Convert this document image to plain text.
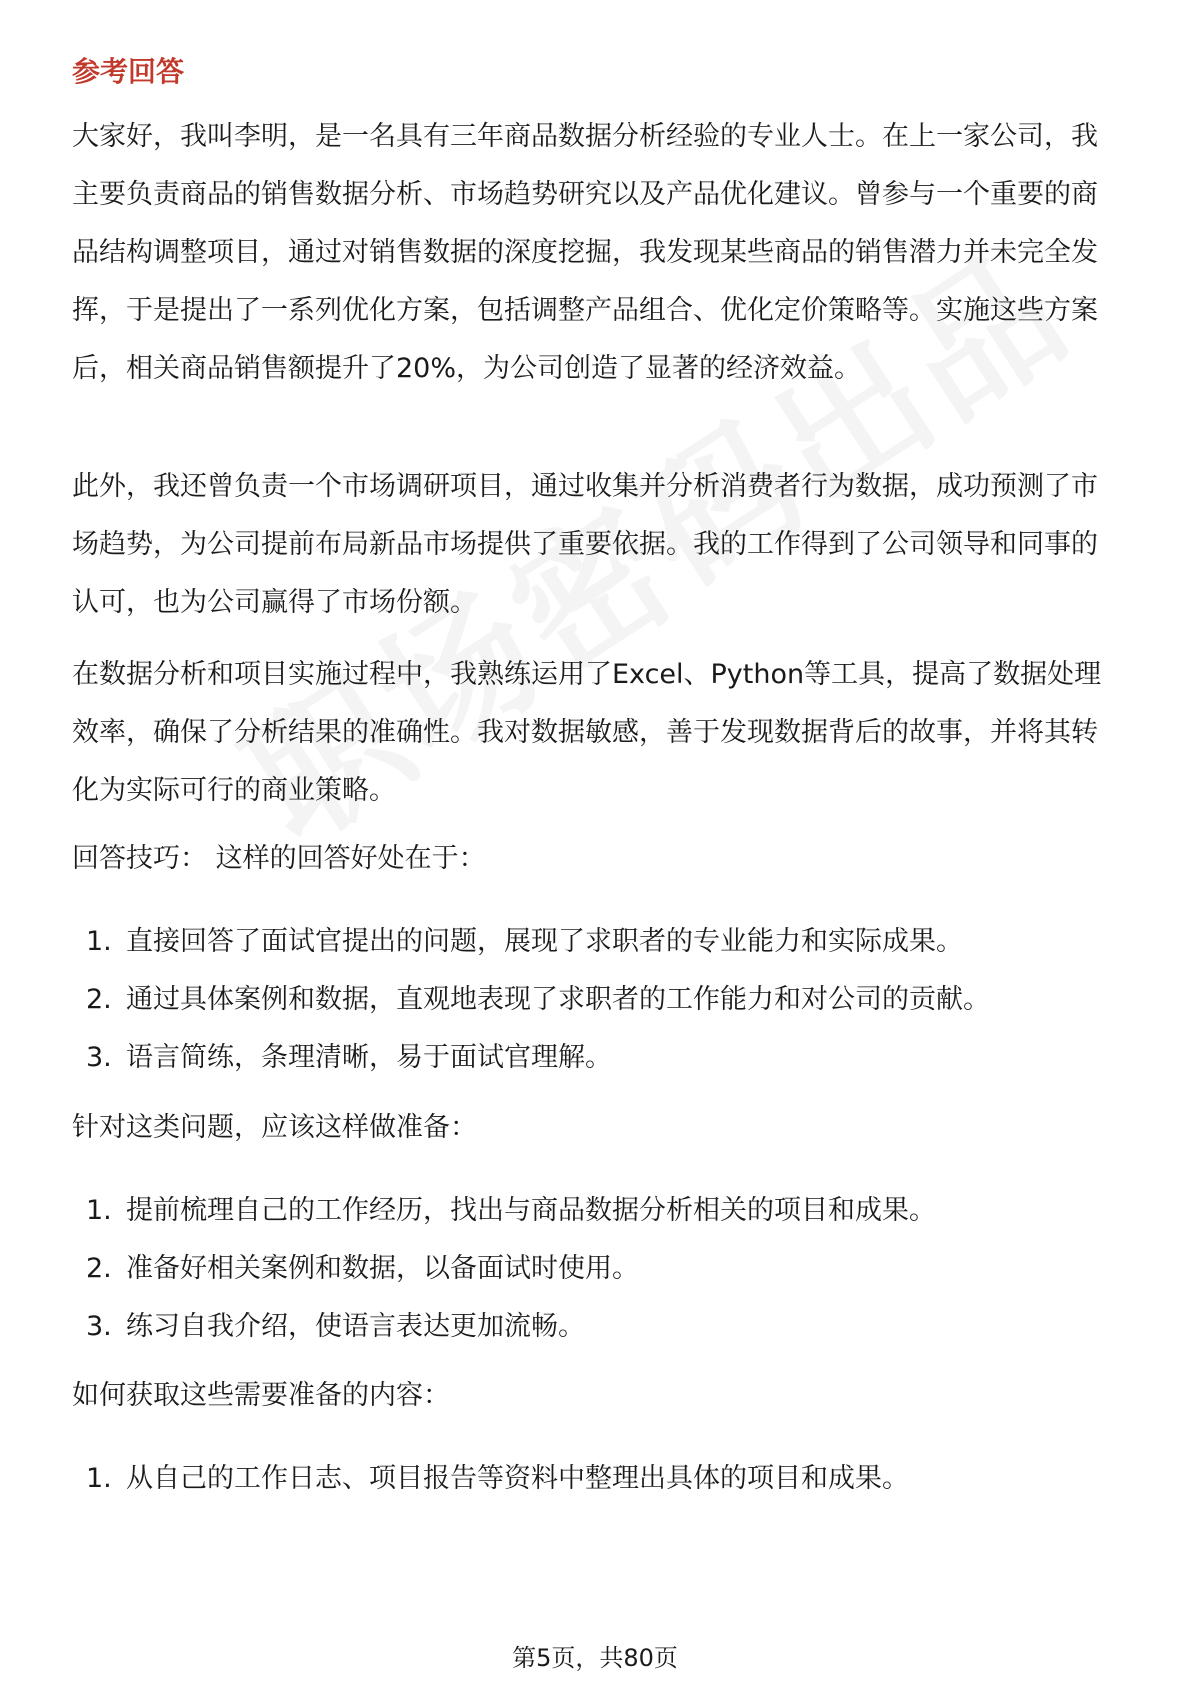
参考回答

大家好，我叫李明，是一名具有三年商品数据分析经验的专业人士。在上一家公司，我主要负责商品的销售数据分析、市场趋势研究以及产品优化建议。曾参与一个重要的商品结构调整项目，通过对销售数据的深度挖掘，我发现某些商品的销售潜力并未完全发挥，于是提出了一系列优化方案，包括调整产品组合、优化定价策略等。实施这些方案后，相关商品销售额提升了20%，为公司创造了显著的经济效益。

此外，我还曾负责一个市场调研项目，通过收集并分析消费者行为数据，成功预测了市场趋势，为公司提前布局新品市场提供了重要依据。我的工作得到了公司领导和同事的认可，也为公司赢得了市场份额。

在数据分析和项目实施过程中，我熟练运用了Excel、Python等工具，提高了数据处理效率，确保了分析结果的准确性。我对数据敏感，善于发现数据背后的故事，并将其转化为实际可行的商业策略。

回答技巧： 这样的回答好处在于：

1. 直接回答了面试官提出的问题，展现了求职者的专业能力和实际成果。
2. 通过具体案例和数据，直观地表现了求职者的工作能力和对公司的贡献。
3. 语言简练，条理清晰，易于面试官理解。

针对这类问题，应该这样做准备：

1. 提前梳理自己的工作经历，找出与商品数据分析相关的项目和成果。
2. 准备好相关案例和数据，以备面试时使用。
3. 练习自我介绍，使语言表达更加流畅。

如何获取这些需要准备的内容：

1. 从自己的工作日志、项目报告等资料中整理出具体的项目和成果。
第5页，共80页
